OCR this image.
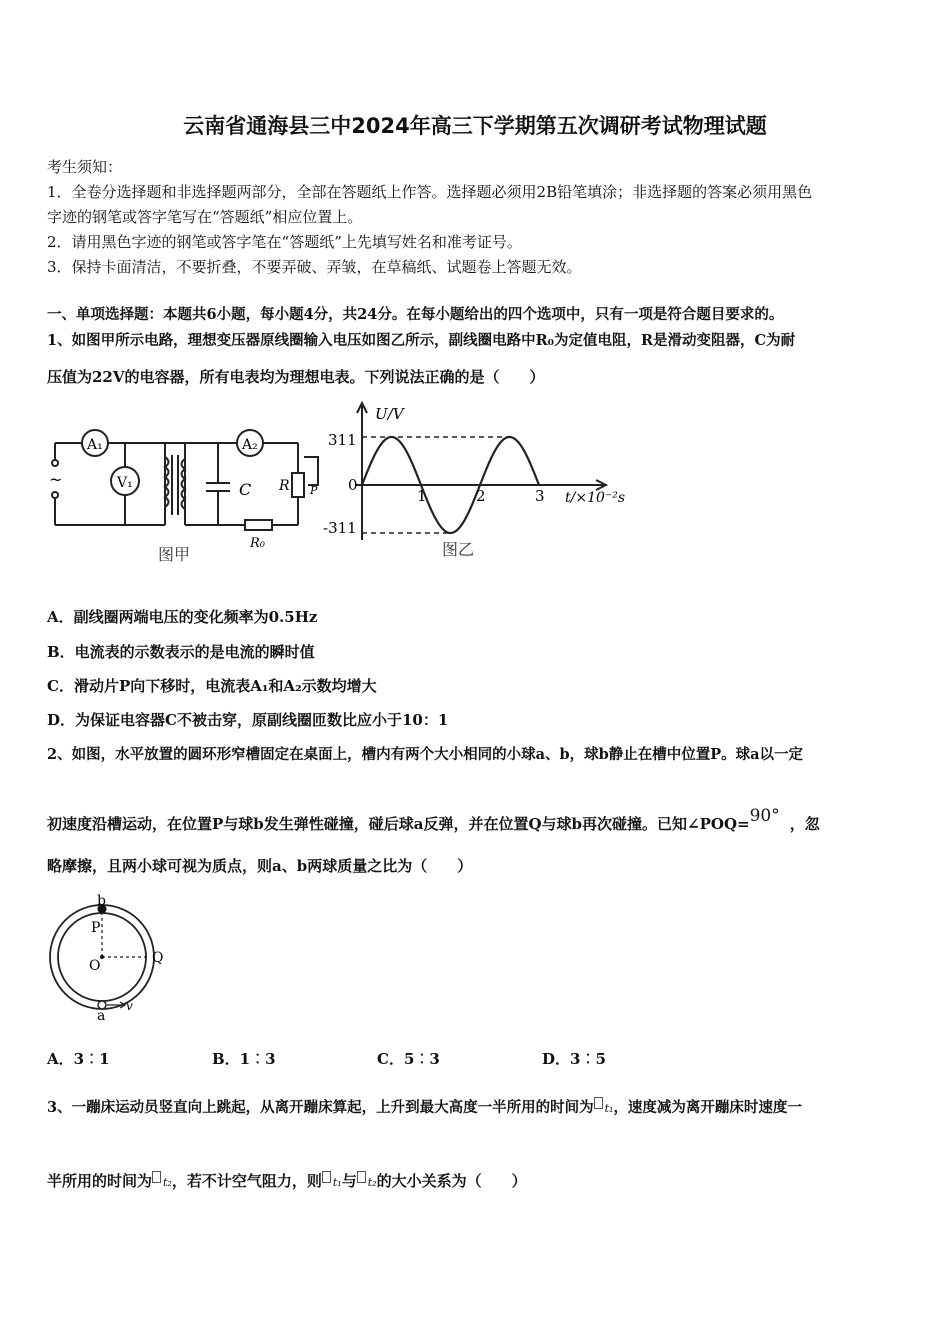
云南省通海县三中2024年高三下学期第五次调研考试物理试题
考生须知：
1．全卷分选择题和非选择题两部分，全部在答题纸上作答。选择题必须用2B铅笔填涂；非选择题的答案必须用黑色
字迹的钢笔或答字笔写在“答题纸”相应位置上。
2．请用黑色字迹的钢笔或答字笔在“答题纸”上先填写姓名和准考证号。
3．保持卡面清洁，不要折叠，不要弄破、弄皱，在草稿纸、试题卷上答题无效。
一、单项选择题：本题共6小题，每小题4分，共24分。在每小题给出的四个选项中，只有一项是符合题目要求的。
1、如图甲所示电路，理想变压器原线圈输入电压如图乙所示，副线圈电路中R₀为定值电阻，R是滑动变阻器，C为耐
压值为22V的电容器，所有电表均为理想电表。下列说法正确的是（　　）
A₁	A₂
V₁
~
C R P
R₀
图甲
U/V
t/×10⁻²s
311
0
-311
1	2	3
图乙
A．副线圈两端电压的变化频率为0.5Hz
B．电流表的示数表示的是电流的瞬时值
C．滑动片P向下移时，电流表A₁和A₂示数均增大
D．为保证电容器C不被击穿，原副线圈匝数比应小于10：1
2、如图，水平放置的圆环形窄槽固定在桌面上，槽内有两个大小相同的小球a、b，球b静止在槽中位置P。球a以一定
初速度沿槽运动，在位置P与球b发生弹性碰撞，碰后球a反弹，并在位置Q与球b再次碰撞。已知∠POQ=90° ，忽
略摩擦，且两小球可视为质点，则a、b两球质量之比为（　　）
b
P
O	Q
a
v
A．3︰1	B．1︰3	C．5︰3	D．3︰5
3、一蹦床运动员竖直向上跳起，从离开蹦床算起，上升到最大高度一半所用的时间为 t₁，速度减为离开蹦床时速度一
半所用的时间为 t₂，若不计空气阻力，则 t₁与 t₂的大小关系为（　　）
